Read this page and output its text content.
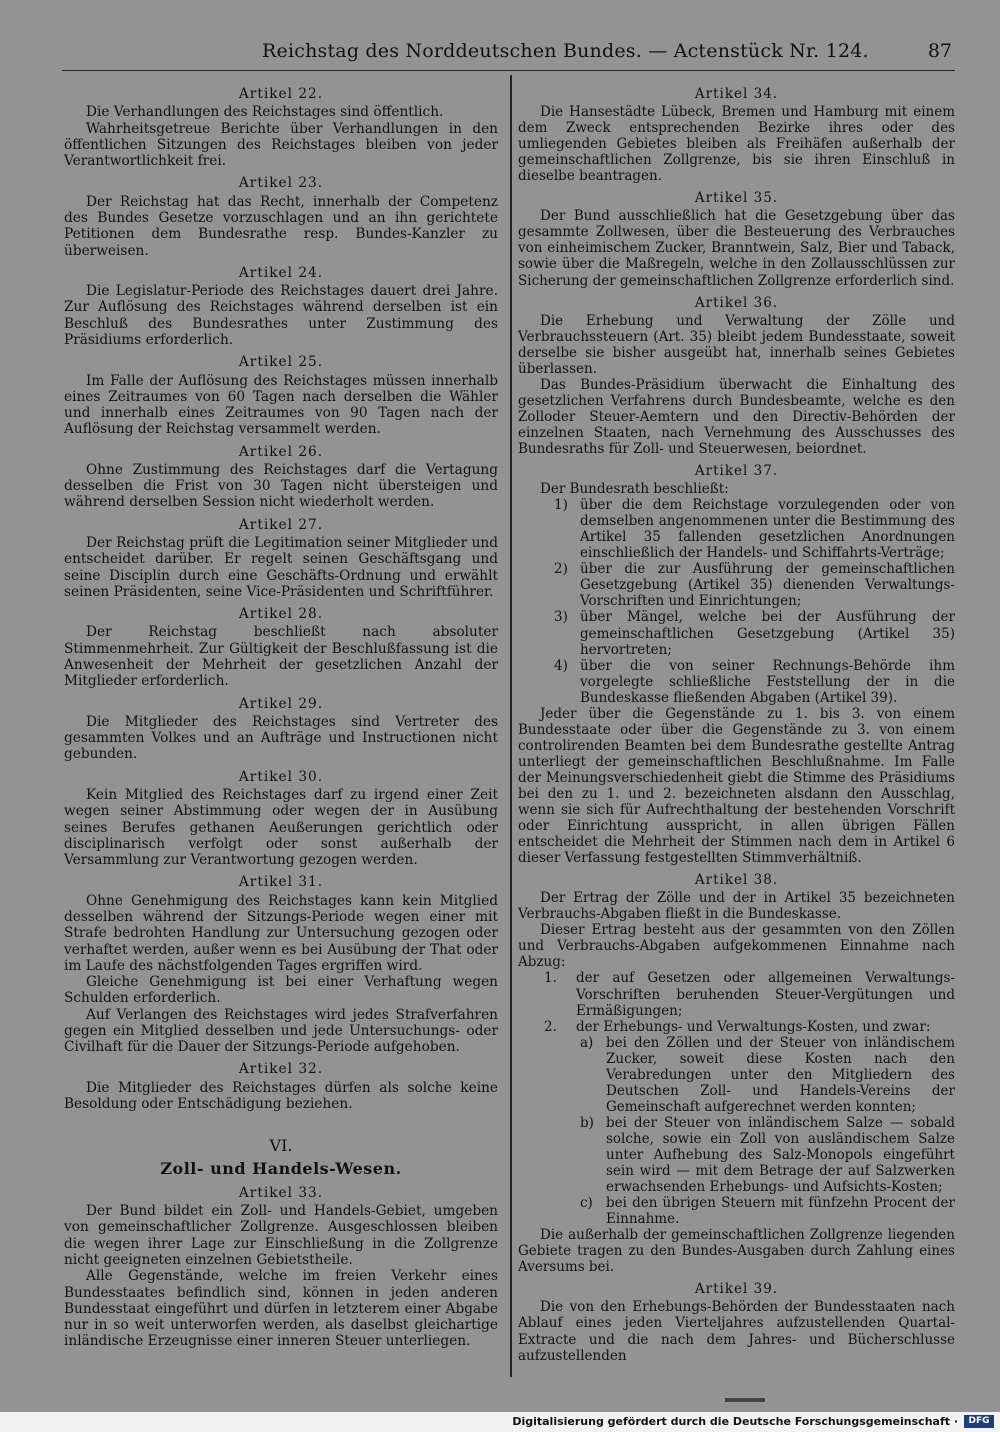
Reichstag des Norddeutschen Bundes. — Actenstück Nr. 124.	87
Artikel 22.

Die Verhandlungen des Reichstages sind öffentlich.

Wahrheitsgetreue Berichte über Verhandlungen in den öffentlichen Sitzungen des Reichstages bleiben von jeder Verantwortlichkeit frei.

Artikel 23.

Der Reichstag hat das Recht, innerhalb der Competenz des Bundes Gesetze vorzuschlagen und an ihn gerichtete Petitionen dem Bundesrathe resp. Bundes-Kanzler zu überweisen.

Artikel 24.

Die Legislatur-Periode des Reichstages dauert drei Jahre. Zur Auflösung des Reichstages während derselben ist ein Beschluß des Bundesrathes unter Zustimmung des Präsidiums erforderlich.

Artikel 25.

Im Falle der Auflösung des Reichstages müssen innerhalb eines Zeitraumes von 60 Tagen nach derselben die Wähler und innerhalb eines Zeitraumes von 90 Tagen nach der Auflösung der Reichstag versammelt werden.

Artikel 26.

Ohne Zustimmung des Reichstages darf die Vertagung desselben die Frist von 30 Tagen nicht übersteigen und während derselben Session nicht wiederholt werden.

Artikel 27.

Der Reichstag prüft die Legitimation seiner Mitglieder und entscheidet darüber. Er regelt seinen Geschäftsgang und seine Disciplin durch eine Geschäfts-Ordnung und erwählt seinen Präsidenten, seine Vice-Präsidenten und Schriftführer.

Artikel 28.

Der Reichstag beschließt nach absoluter Stimmenmehrheit. Zur Gültigkeit der Beschlußfassung ist die Anwesenheit der Mehrheit der gesetzlichen Anzahl der Mitglieder erforderlich.

Artikel 29.

Die Mitglieder des Reichstages sind Vertreter des gesammten Volkes und an Aufträge und Instructionen nicht gebunden.

Artikel 30.

Kein Mitglied des Reichstages darf zu irgend einer Zeit wegen seiner Abstimmung oder wegen der in Ausübung seines Berufes gethanen Aeußerungen gerichtlich oder disciplinarisch verfolgt oder sonst außerhalb der Versammlung zur Verantwortung gezogen werden.

Artikel 31.

Ohne Genehmigung des Reichstages kann kein Mitglied desselben während der Sitzungs-Periode wegen einer mit Strafe bedrohten Handlung zur Untersuchung gezogen oder verhaftet werden, außer wenn es bei Ausübung der That oder im Laufe des nächstfolgenden Tages ergriffen wird.

Gleiche Genehmigung ist bei einer Verhaftung wegen Schulden erforderlich.

Auf Verlangen des Reichstages wird jedes Strafverfahren gegen ein Mitglied desselben und jede Untersuchungs- oder Civilhaft für die Dauer der Sitzungs-Periode aufgehoben.

Artikel 32.

Die Mitglieder des Reichstages dürfen als solche keine Besoldung oder Entschädigung beziehen.

VI.
Zoll- und Handels-Wesen.
Artikel 33.

Der Bund bildet ein Zoll- und Handels-Gebiet, umgeben von gemeinschaftlicher Zollgrenze. Ausgeschlossen bleiben die wegen ihrer Lage zur Einschließung in die Zollgrenze nicht geeigneten einzelnen Gebietstheile.

Alle Gegenstände, welche im freien Verkehr eines Bundesstaates befindlich sind, können in jeden anderen Bundesstaat eingeführt und dürfen in letzterem einer Abgabe nur in so weit unterworfen werden, als daselbst gleichartige inländische Erzeugnisse einer inneren Steuer unterliegen.

Artikel 34.

Die Hansestädte Lübeck, Bremen und Hamburg mit einem dem Zweck entsprechenden Bezirke ihres oder des umliegenden Gebietes bleiben als Freihäfen außerhalb der gemeinschaftlichen Zollgrenze, bis sie ihren Einschluß in dieselbe beantragen.

Artikel 35.

Der Bund ausschließlich hat die Gesetzgebung über das gesammte Zollwesen, über die Besteuerung des Verbrauches von einheimischem Zucker, Branntwein, Salz, Bier und Taback, sowie über die Maßregeln, welche in den Zollausschlüssen zur Sicherung der gemeinschaftlichen Zollgrenze erforderlich sind.

Artikel 36.

Die Erhebung und Verwaltung der Zölle und Verbrauchssteuern (Art. 35) bleibt jedem Bundesstaate, soweit derselbe sie bisher ausgeübt hat, innerhalb seines Gebietes überlassen.

Das Bundes-Präsidium überwacht die Einhaltung des gesetzlichen Verfahrens durch Bundesbeamte, welche es den Zolloder Steuer-Aemtern und den Directiv-Behörden der einzelnen Staaten, nach Vernehmung des Ausschusses des Bundesraths für Zoll- und Steuerwesen, beiordnet.

Artikel 37.

Der Bundesrath beschließt:

1) über die dem Reichstage vorzulegenden oder von demselben angenommenen unter die Bestimmung des Artikel 35 fallenden gesetzlichen Anordnungen einschließlich der Handels- und Schiffahrts-Verträge;
2) über die zur Ausführung der gemeinschaftlichen Gesetzgebung (Artikel 35) dienenden Verwaltungs-Vorschriften und Einrichtungen;
3) über Mängel, welche bei der Ausführung der gemeinschaftlichen Gesetzgebung (Artikel 35) hervortreten;
4) über die von seiner Rechnungs-Behörde ihm vorgelegte schließliche Feststellung der in die Bundeskasse fließenden Abgaben (Artikel 39).

Jeder über die Gegenstände zu 1. bis 3. von einem Bundesstaate oder über die Gegenstände zu 3. von einem controlirenden Beamten bei dem Bundesrathe gestellte Antrag unterliegt der gemeinschaftlichen Beschlußnahme. Im Falle der Meinungsverschiedenheit giebt die Stimme des Präsidiums bei den zu 1. und 2. bezeichneten alsdann den Ausschlag, wenn sie sich für Aufrechthaltung der bestehenden Vorschrift oder Einrichtung ausspricht, in allen übrigen Fällen entscheidet die Mehrheit der Stimmen nach dem in Artikel 6 dieser Verfassung festgestellten Stimmverhältniß.

Artikel 38.

Der Ertrag der Zölle und der in Artikel 35 bezeichneten Verbrauchs-Abgaben fließt in die Bundeskasse.

Dieser Ertrag besteht aus der gesammten von den Zöllen und Verbrauchs-Abgaben aufgekommenen Einnahme nach Abzug:

1. der auf Gesetzen oder allgemeinen Verwaltungs-Vorschriften beruhenden Steuer-Vergütungen und Ermäßigungen;
2. der Erhebungs- und Verwaltungs-Kosten, und zwar:
a) bei den Zöllen und der Steuer von inländischem Zucker, soweit diese Kosten nach den Verabredungen unter den Mitgliedern des Deutschen Zoll- und Handels-Vereins der Gemeinschaft aufgerechnet werden konnten;
b) bei der Steuer von inländischem Salze — sobald solche, sowie ein Zoll von ausländischem Salze unter Aufhebung des Salz-Monopols eingeführt sein wird — mit dem Betrage der auf Salzwerken erwachsenden Erhebungs- und Aufsichts-Kosten;
c) bei den übrigen Steuern mit fünfzehn Procent der Einnahme.

Die außerhalb der gemeinschaftlichen Zollgrenze liegenden Gebiete tragen zu den Bundes-Ausgaben durch Zahlung eines Aversums bei.

Artikel 39.

Die von den Erhebungs-Behörden der Bundesstaaten nach Ablauf eines jeden Vierteljahres aufzustellenden Quartal-Extracte und die nach dem Jahres- und Bücherschlusse aufzustellenden

Digitalisierung gefördert durch die Deutsche Forschungsgemeinschaft ·	DFG
